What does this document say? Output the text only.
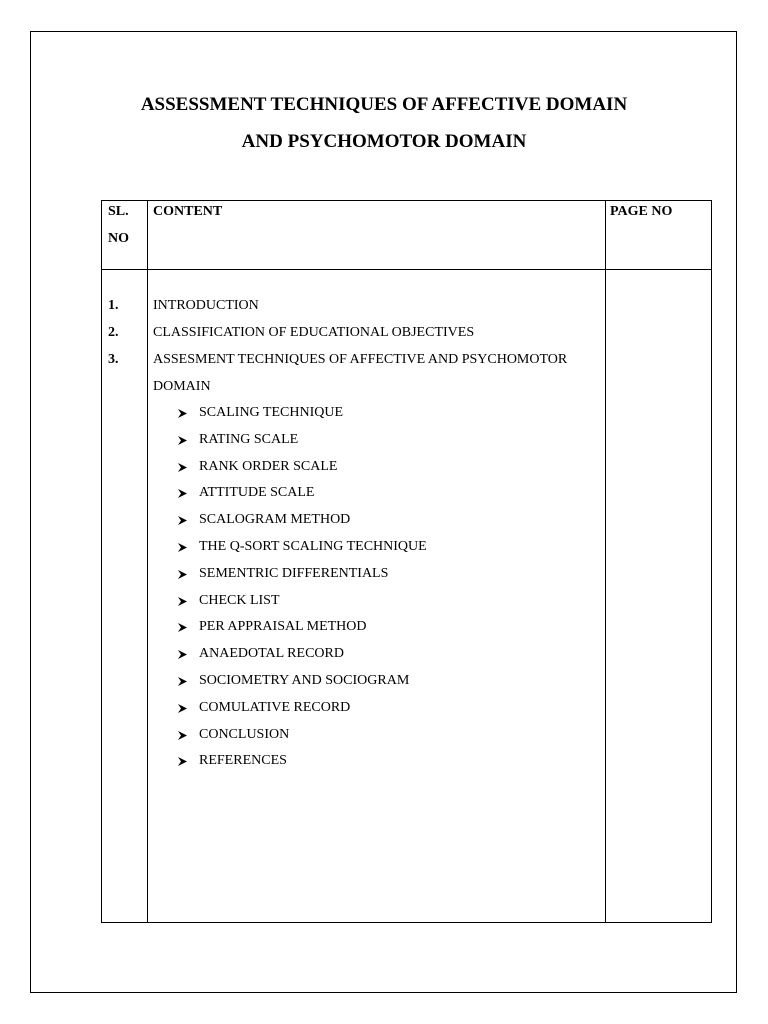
ASSESSMENT TECHNIQUES OF AFFECTIVE DOMAIN
AND PSYCHOMOTOR DOMAIN
SL. NO
CONTENT	PAGE NO
1. INTRODUCTION
2. CLASSIFICATION OF EDUCATIONAL OBJECTIVES
3. ASSESMENT TECHNIQUES OF AFFECTIVE AND PSYCHOMOTOR DOMAIN
SCALING TECHNIQUE
RATING SCALE
RANK ORDER SCALE
ATTITUDE SCALE
SCALOGRAM METHOD
THE Q-SORT SCALING TECHNIQUE
SEMENTRIC DIFFERENTIALS
CHECK LIST
PER APPRAISAL METHOD
ANAEDOTAL RECORD
SOCIOMETRY AND SOCIOGRAM
COMULATIVE RECORD
CONCLUSION
REFERENCES
